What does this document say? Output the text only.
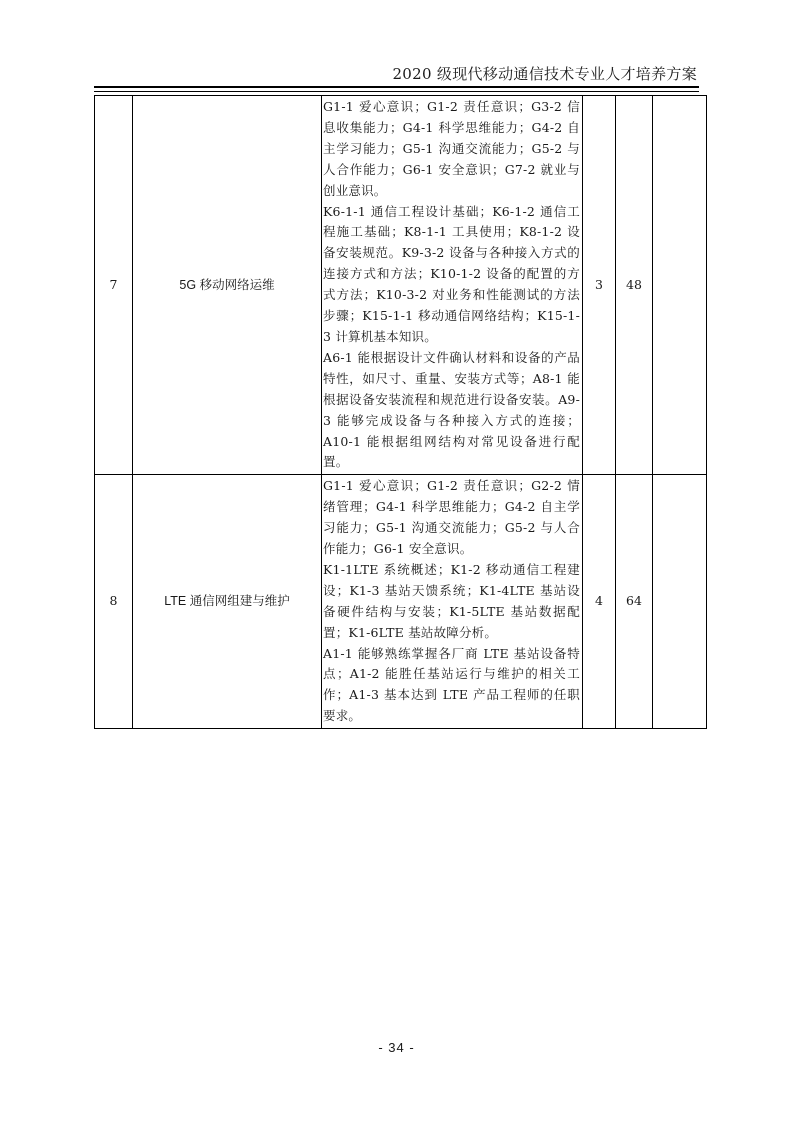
2020 级现代移动通信技术专业人才培养方案
7	5G 移动网络运维	G1-1 爱心意识；G1-2 责任意识；G3-2 信息收集能力；G4-1 科学思维能力；G4-2 自主学习能力；G5-1 沟通交流能力；G5-2 与人合作能力；G6-1 安全意识；G7-2 就业与创业意识。
K6-1-1 通信工程设计基础；K6-1-2 通信工程施工基础；K8-1-1 工具使用；K8-1-2 设备安装规范。K9-3-2 设备与各种接入方式的连接方式和方法；K10-1-2 设备的配置的方式方法；K10-3-2 对业务和性能测试的方法步骤；K15-1-1 移动通信网络结构；K15-1-3 计算机基本知识。
A6-1 能根据设计文件确认材料和设备的产品特性，如尺寸、重量、安装方式等；A8-1 能根据设备安装流程和规范进行设备安装。A9-3 能够完成设备与各种接入方式的连接；A10-1 能根据组网结构对常见设备进行配置。	3	48	
8	LTE 通信网组建与维护	G1-1 爱心意识；G1-2 责任意识；G2-2 情绪管理；G4-1 科学思维能力；G4-2 自主学习能力；G5-1 沟通交流能力；G5-2 与人合作能力；G6-1 安全意识。
K1-1LTE 系统概述；K1-2 移动通信工程建设；K1-3 基站天馈系统；K1-4LTE 基站设备硬件结构与安装；K1-5LTE 基站数据配置；K1-6LTE 基站故障分析。
A1-1 能够熟练掌握各厂商 LTE 基站设备特点；A1-2 能胜任基站运行与维护的相关工作；A1-3 基本达到 LTE 产品工程师的任职要求。	4	64	
- 34 -
